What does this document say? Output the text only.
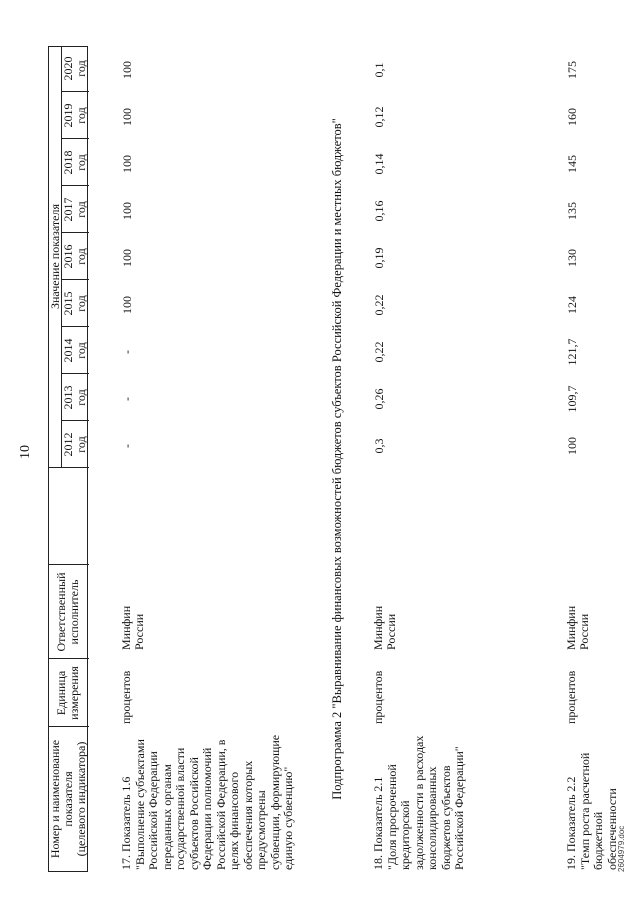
10
Номер и наименование показателя (целевого индикатора)
Единица измерения
Ответственный исполнитель
Значение показателя
2012
год
2013
год
2014
год
2015
год
2016
год
2017
год
2018
год
2019
год
2020
год
17. Показатель 1.6 "Выполнение субъектами Российской Федерации переданных органам государственной власти субъектов Российской Федерации полномочий Российской Федерации, в целях финансового обеспечения которых предусмотрены субвенции, формирующие единую субвенцию"
процентов
Минфин России
-
-
-
100
100
100
100
100
100
18. Показатель 2.1 "Доля просроченной кредиторской задолженности в расходах консолидированных бюджетов субъектов Российской Федерации"
процентов
Минфин России
0,3
0,26
0,22
0,22
0,19
0,16
0,14
0,12
0,1
19. Показатель 2.2 "Темп роста расчетной бюджетной обеспеченности
процентов
Минфин России
100
109,7
121,7
124
130
135
145
160
175
Подпрограмма 2 "Выравнивание финансовых возможностей бюджетов субъектов Российской Федерации и местных бюджетов"
2604979.doc
